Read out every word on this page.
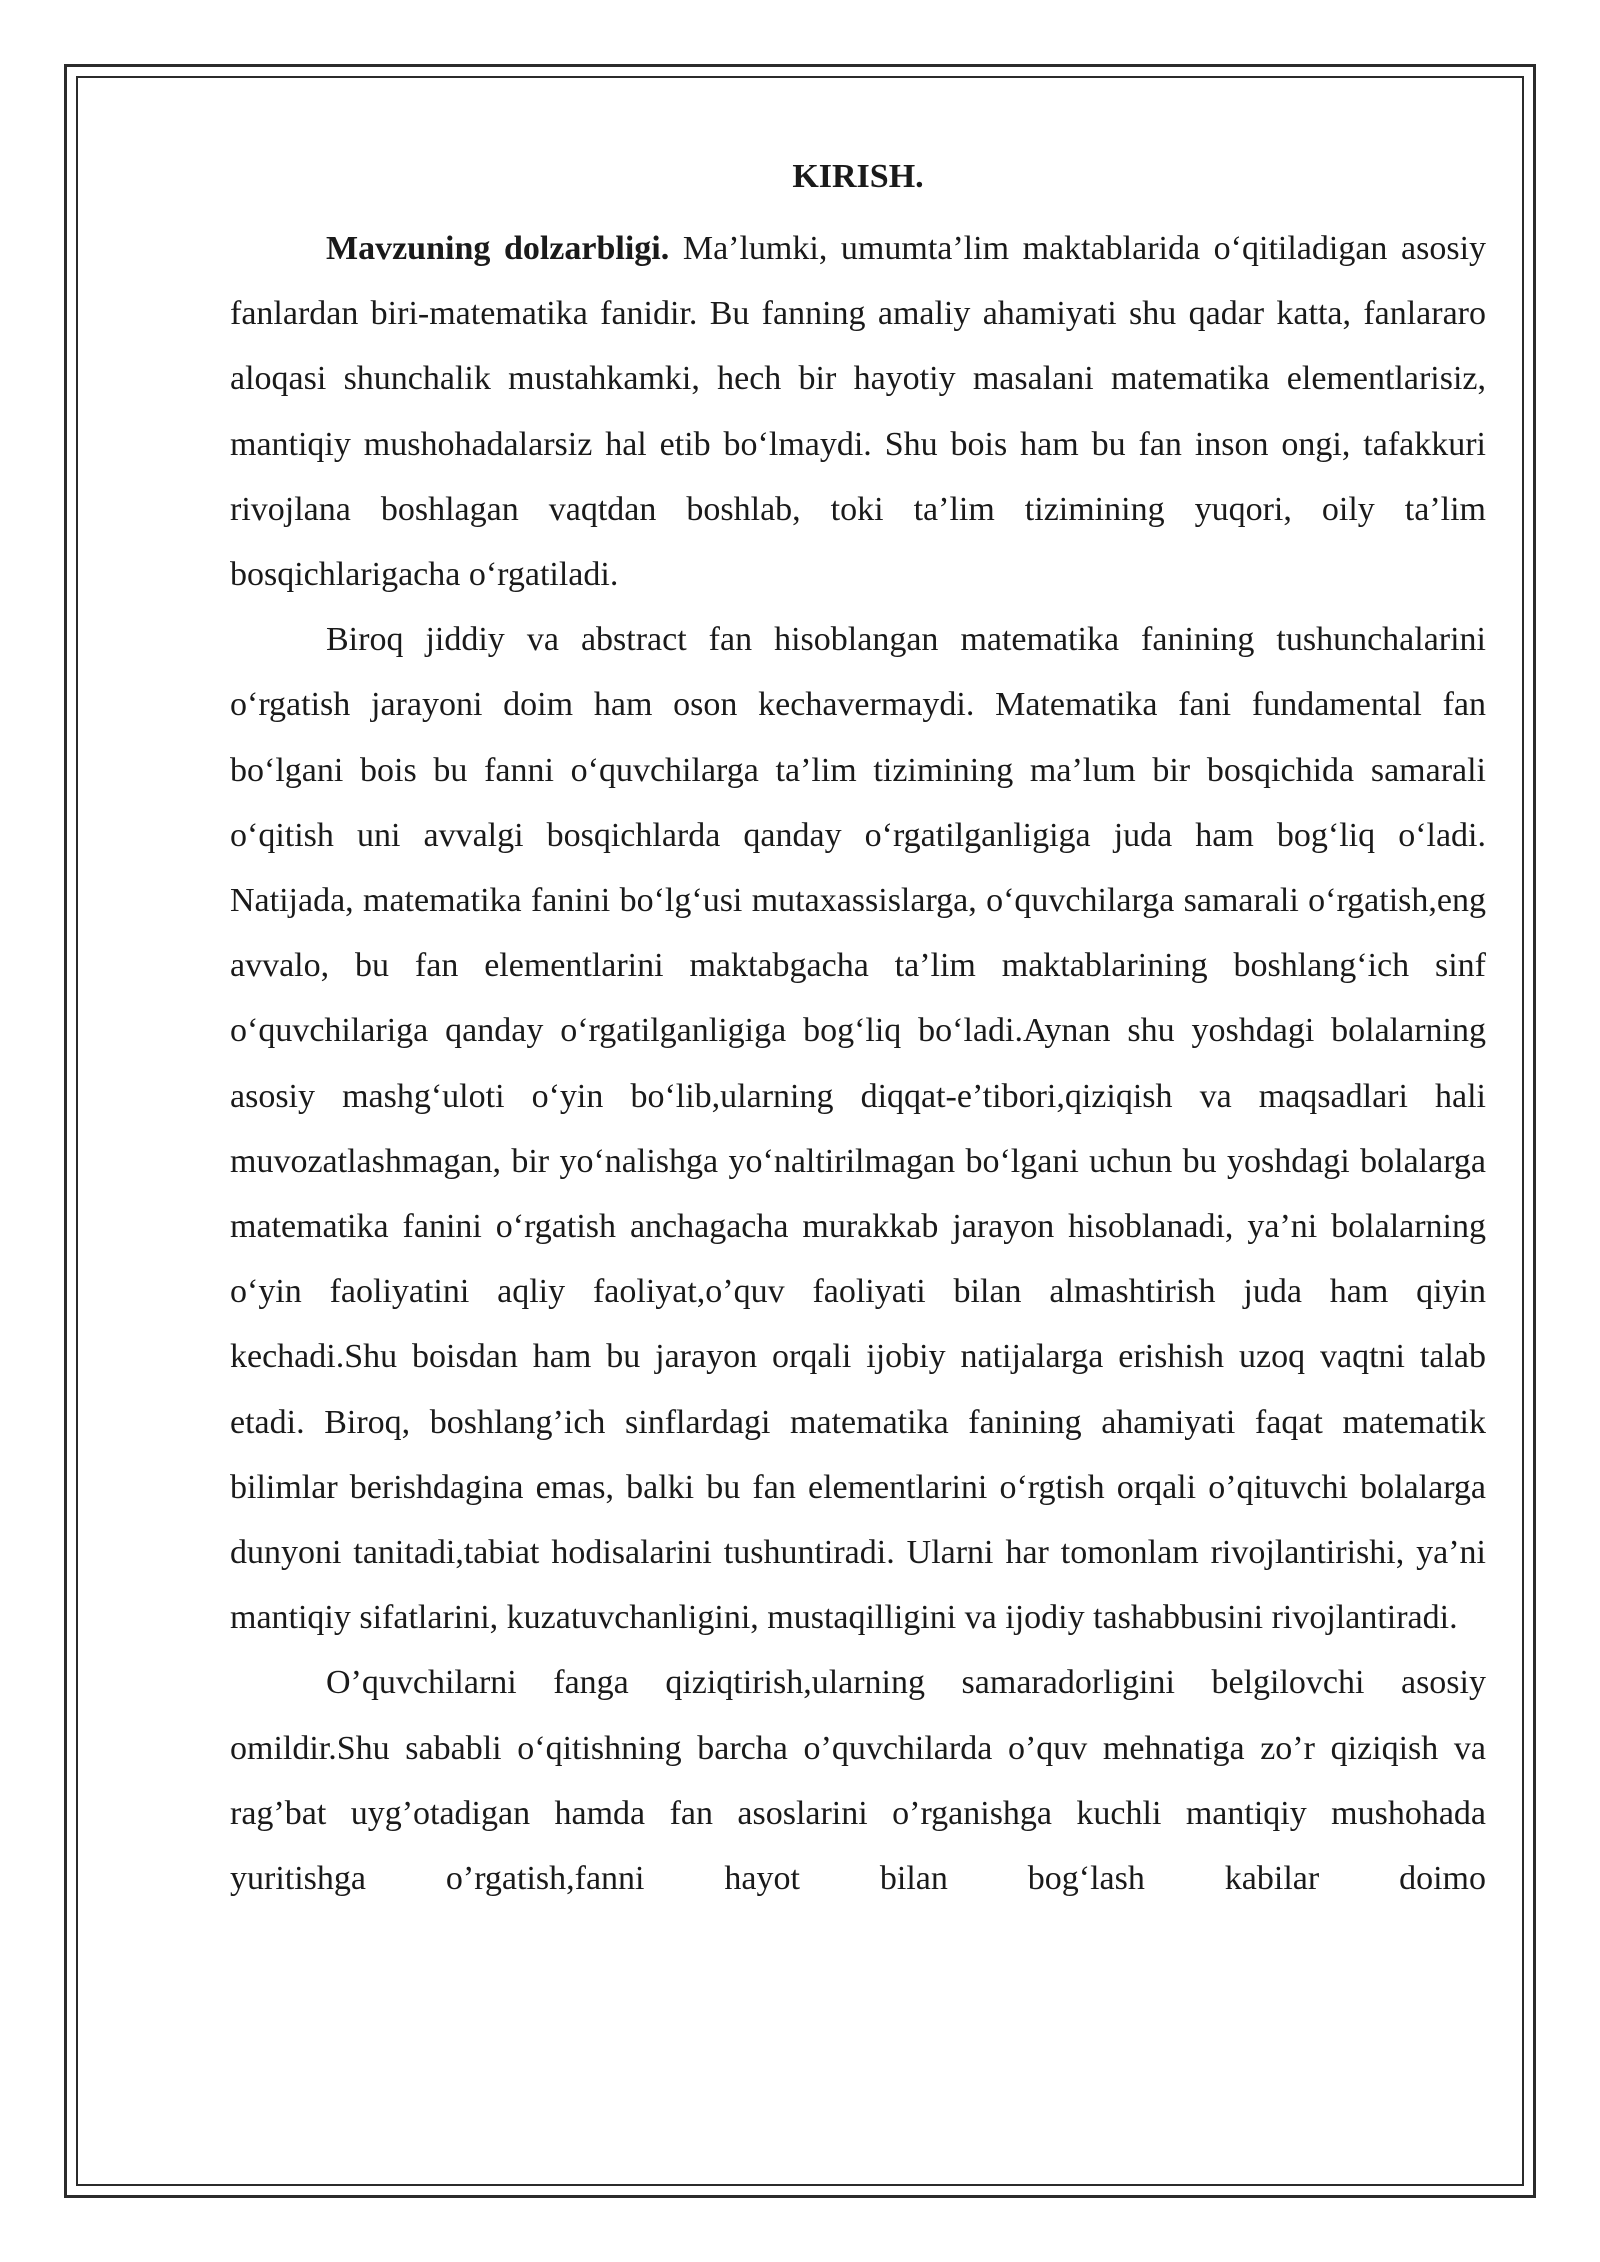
KIRISH.

Mavzuning dolzarbligi. Ma’lumki, umumta’lim maktablarida o‘qitiladigan asosiy fanlardan biri-matematika fanidir. Bu fanning amaliy ahamiyati shu qadar katta, fanlararo aloqasi shunchalik mustahkamki, hech bir hayotiy masalani matematika elementlarisiz, mantiqiy mushohadalarsiz hal etib bo‘lmaydi. Shu bois ham bu fan inson ongi, tafakkuri rivojlana boshlagan vaqtdan boshlab, toki ta’lim tizimining yuqori, oily ta’lim bosqichlarigacha o‘rgatiladi.

Biroq jiddiy va abstract fan hisoblangan matematika fanining tushunchalarini o‘rgatish jarayoni doim ham oson kechavermaydi. Matematika fani fundamental fan bo‘lgani bois bu fanni o‘quvchilarga ta’lim tizimining ma’lum bir bosqichida samarali o‘qitish uni avvalgi bosqichlarda qanday o‘rgatilganligiga juda ham bog‘liq o‘ladi. Natijada, matematika fanini bo‘lg‘usi mutaxassislarga, o‘quvchilarga samarali o‘rgatish,eng avvalo, bu fan elementlarini maktabgacha ta’lim maktablarining boshlang‘ich sinf o‘quvchilariga qanday o‘rgatilganligiga bog‘liq bo‘ladi.Aynan shu yoshdagi bolalarning asosiy mashg‘uloti o‘yin bo‘lib,ularning diqqat-e’tibori,qiziqish va maqsadlari hali muvozatlashmagan, bir yo‘nalishga yo‘naltirilmagan bo‘lgani uchun bu yoshdagi bolalarga matematika fanini o‘rgatish anchagacha murakkab jarayon hisoblanadi, ya’ni bolalarning o‘yin faoliyatini aqliy faoliyat,o’quv faoliyati bilan almashtirish juda ham qiyin kechadi.Shu boisdan ham bu jarayon orqali ijobiy natijalarga erishish uzoq vaqtni talab etadi. Biroq, boshlang’ich sinflardagi matematika fanining ahamiyati faqat matematik bilimlar berishdagina emas, balki bu fan elementlarini o‘rgtish orqali o’qituvchi bolalarga dunyoni tanitadi,tabiat hodisalarini tushuntiradi. Ularni har tomonlam rivojlantirishi, ya’ni mantiqiy sifatlarini, kuzatuvchanligini, mustaqilligini va ijodiy tashabbusini rivojlantiradi.

O’quvchilarni fanga qiziqtirish,ularning samaradorligini belgilovchi asosiy omildir.Shu sababli o‘qitishning barcha o’quvchilarda o’quv mehnatiga zo’r qiziqish va rag’bat uyg’otadigan hamda fan asoslarini o’rganishga kuchli mantiqiy mushohada yuritishga o’rgatish,fanni hayot bilan bog‘lash kabilar doimo
